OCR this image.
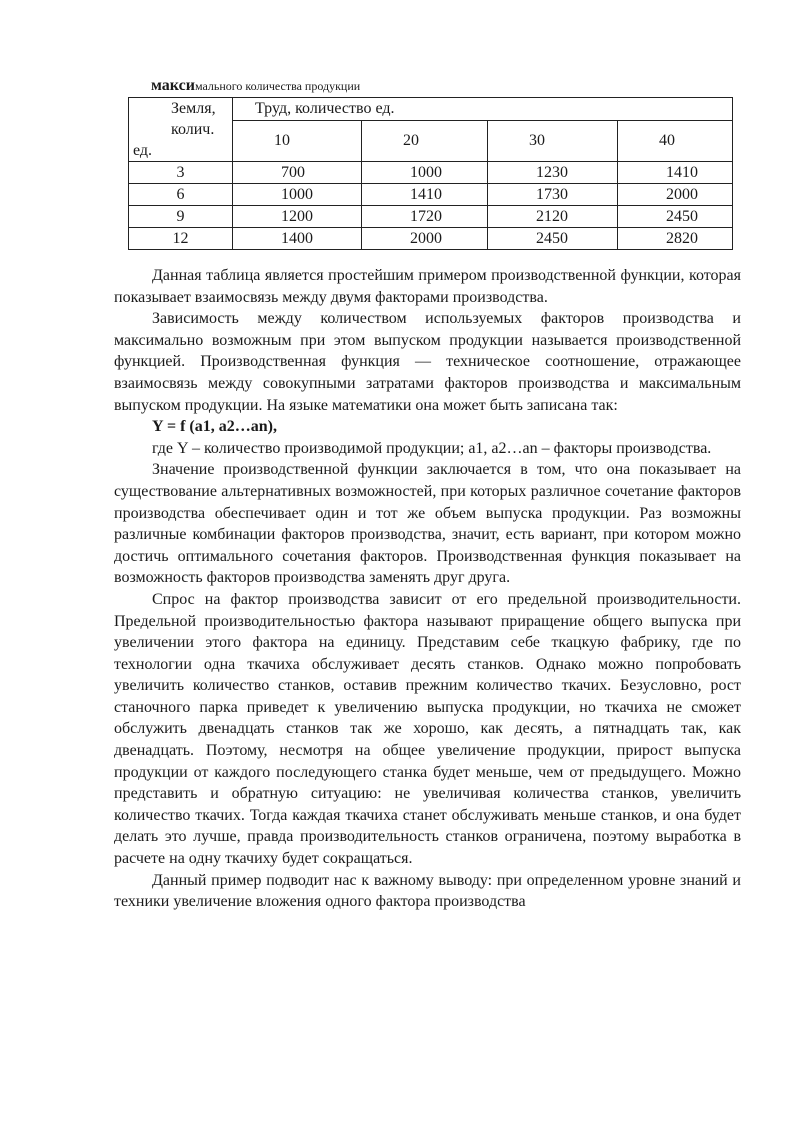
максимального количества продукции
Земля,
колич.
ед.	Труд, количество ед.			
	10	20	30	40
3	700	1000	1230	1410
6	1000	1410	1730	2000
9	1200	1720	2120	2450
12	1400	2000	2450	2820

Данная таблица является простейшим примером производственной функции, которая показывает взаимосвязь между двумя факторами производства.

Зависимость между количеством используемых факторов производства и максимально возможным при этом выпуском продукции называется производственной функцией. Производственная функция — техническое соотношение, отражающее взаимосвязь между совокупными затратами факторов производства и максимальным выпуском продукции. На языке математики она может быть записана так:

Y = f (a1, a2…an),

где Y – количество производимой продукции; a1, a2…an – факторы производства.

Значение производственной функции заключается в том, что она показывает на существование альтернативных возможностей, при которых различное сочетание факторов производства обеспечивает один и тот же объем выпуска продукции. Раз возможны различные комбинации факторов производства, значит, есть вариант, при котором можно достичь оптимального сочетания факторов. Производственная функция показывает на возможность факторов производства заменять друг друга.

Спрос на фактор производства зависит от его предельной производительности. Предельной производительностью фактора называют приращение общего выпуска при увеличении этого фактора на единицу. Представим себе ткацкую фабрику, где по технологии одна ткачиха обслуживает десять станков. Однако можно попробовать увеличить количество станков, оставив прежним количество ткачих. Безусловно, рост станочного парка приведет к увеличению выпуска продукции, но ткачиха не сможет обслужить двенадцать станков так же хорошо, как десять, а пятнадцать так, как двенадцать. Поэтому, несмотря на общее увеличение продукции, прирост выпуска продукции от каждого последующего станка будет меньше, чем от предыдущего. Можно представить и обратную ситуацию: не увеличивая количества станков, увеличить количество ткачих. Тогда каждая ткачиха станет обслуживать меньше станков, и она будет делать это лучше, правда производительность станков ограничена, поэтому выработка в расчете на одну ткачиху будет сокращаться.

Данный пример подводит нас к важному выводу: при определенном уровне знаний и техники увеличение вложения одного фактора производства
